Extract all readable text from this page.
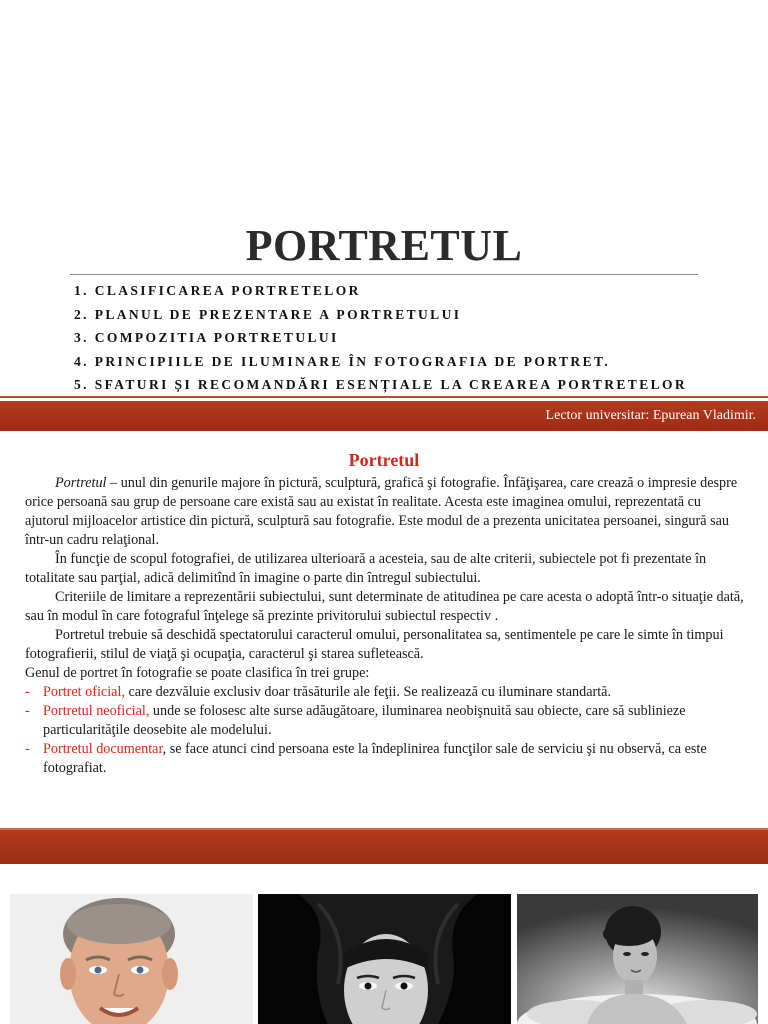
PORTRETUL
1. CLASIFICAREA PORTRETELOR
2. PLANUL DE PREZENTARE A PORTRETULUI
3. COMPOZITIA PORTRETULUI
4. PRINCIPIILE DE ILUMINARE ÎN FOTOGRAFIA DE PORTRET.
5. SFATURI ȘI RECOMANDĂRI ESENȚIALE LA CREAREA PORTRETELOR
Lector universitar: Epurean Vladimir.
Portretul

Portretul – unul din genurile majore în pictură, sculptură, grafică şi fotografie. Înfăţişarea, care crează o impresie despre orice persoană sau grup de persoane care există sau au existat în realitate. Acesta este imaginea omului, reprezentată cu ajutorul mijloacelor artistice din pictură, sculptură sau fotografie. Este modul de a prezenta unicitatea persoanei, singură sau într-un cadru relaţional.

În funcţie de scopul fotografiei, de utilizarea ulterioară a acesteia, sau de alte criterii, subiectele pot fi prezentate în totalitate sau parţial, adică delimitînd în imagine o parte din întregul subiectului.

Criteriile de limitare a reprezentării subiectului, sunt determinate de atitudinea pe care acesta o adoptă într-o situaţie dată, sau în modul în care fotograful înţelege să prezinte privitorului subiectul respectiv .

Portretul trebuie să deschidă spectatorului caracterul omului, personalitatea sa, sentimentele pe care le simte în timpui fotografierii, stilul de viaţă şi ocupaţia, caracterul şi starea sufletească.

Genul de portret în fotografie se poate clasifica în trei grupe:

- Portret oficial, care dezvăluie exclusiv doar trăsăturile ale feţii. Se realizează cu iluminare standartă.

- Portretul neoficial, unde se folosesc alte surse adăugătoare, iluminarea neobişnuită sau obiecte, care să sublinieze particularităţile deosebite ale modelului.

- Portretul documentar, se face atunci cind persoana este la îndeplinirea funcţilor sale de serviciu şi nu observă, ca este fotografiat.
